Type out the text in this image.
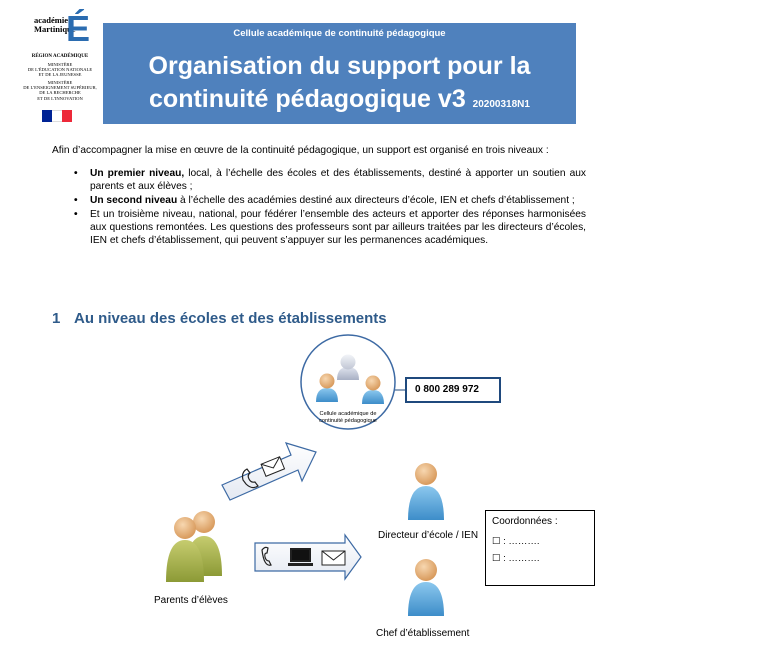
académie
Martinique
É
RÉGION ACADÉMIQUE
MINISTÈRE
DE L'ÉDUCATION NATIONALE
ET DE LA JEUNESSE
MINISTÈRE
DE L'ENSEIGNEMENT SUPÉRIEUR,
DE LA RECHERCHE
ET DE L'INNOVATION
Cellule académique de continuité pédagogique
Organisation du support pour la
continuité pédagogique v3 20200318N1
Afin d’accompagner la mise en œuvre de la continuité pédagogique, un support est organisé en trois niveaux :
• Un premier niveau, local, à l’échelle des écoles et des établissements, destiné à apporter un soutien aux parents et aux élèves ;
• Un second niveau à l’échelle des académies destiné aux directeurs d’école, IEN et chefs d’établissement ;
• Et un troisième niveau, national, pour fédérer l’ensemble des acteurs et apporter des réponses harmonisées aux questions remontées. Les questions des professeurs sont par ailleurs traitées par les directeurs d’écoles, IEN et chefs d’établissement, qui peuvent s’appuyer sur les permanences académiques.
1 Au niveau des écoles et des établissements
Cellule académique de
continuité pédagogique
0 800 289 972
Parents d’élèves
Directeur d’école / IEN
Chef d’établissement
Coordonnées :
☐ : ……….
☐ : ……….
